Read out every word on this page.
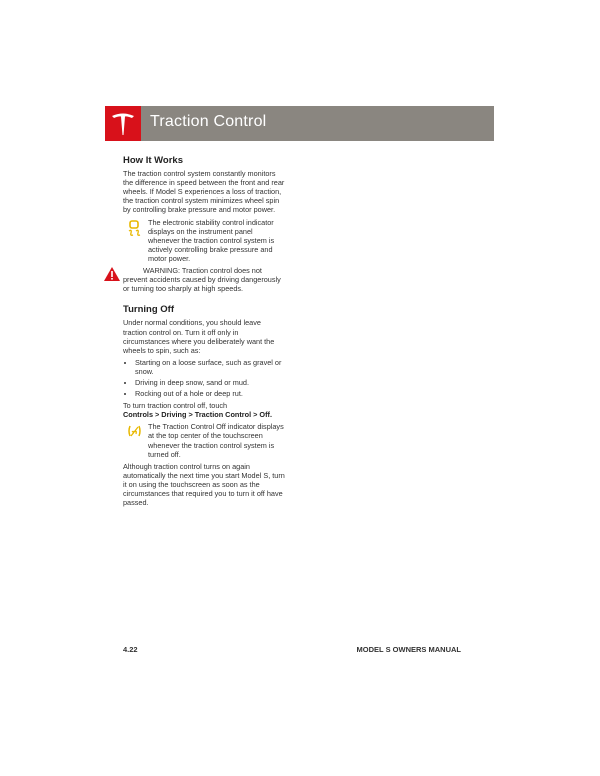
Traction Control
How It Works

The traction control system constantly monitors the difference in speed between the front and rear wheels. If Model S experiences a loss of traction, the traction control system minimizes wheel spin by controlling brake pressure and motor power.

The electronic stability control indicator displays on the instrument panel whenever the traction control system is actively controlling brake pressure and motor power.

WARNING: Traction control does not prevent accidents caused by driving dangerously or turning too sharply at high speeds.

Turning Off

Under normal conditions, you should leave traction control on. Turn it off only in circumstances where you deliberately want the wheels to spin, such as:

• Starting on a loose surface, such as gravel or snow.
• Driving in deep snow, sand or mud.
• Rocking out of a hole or deep rut.

To turn traction control off, touch
Controls > Driving > Traction Control > Off.

The Traction Control Off indicator displays at the top center of the touchscreen whenever the traction control system is turned off.

Although traction control turns on again automatically the next time you start Model S, turn it on using the touchscreen as soon as the circumstances that required you to turn it off have passed.

4.22	MODEL S OWNERS MANUAL
